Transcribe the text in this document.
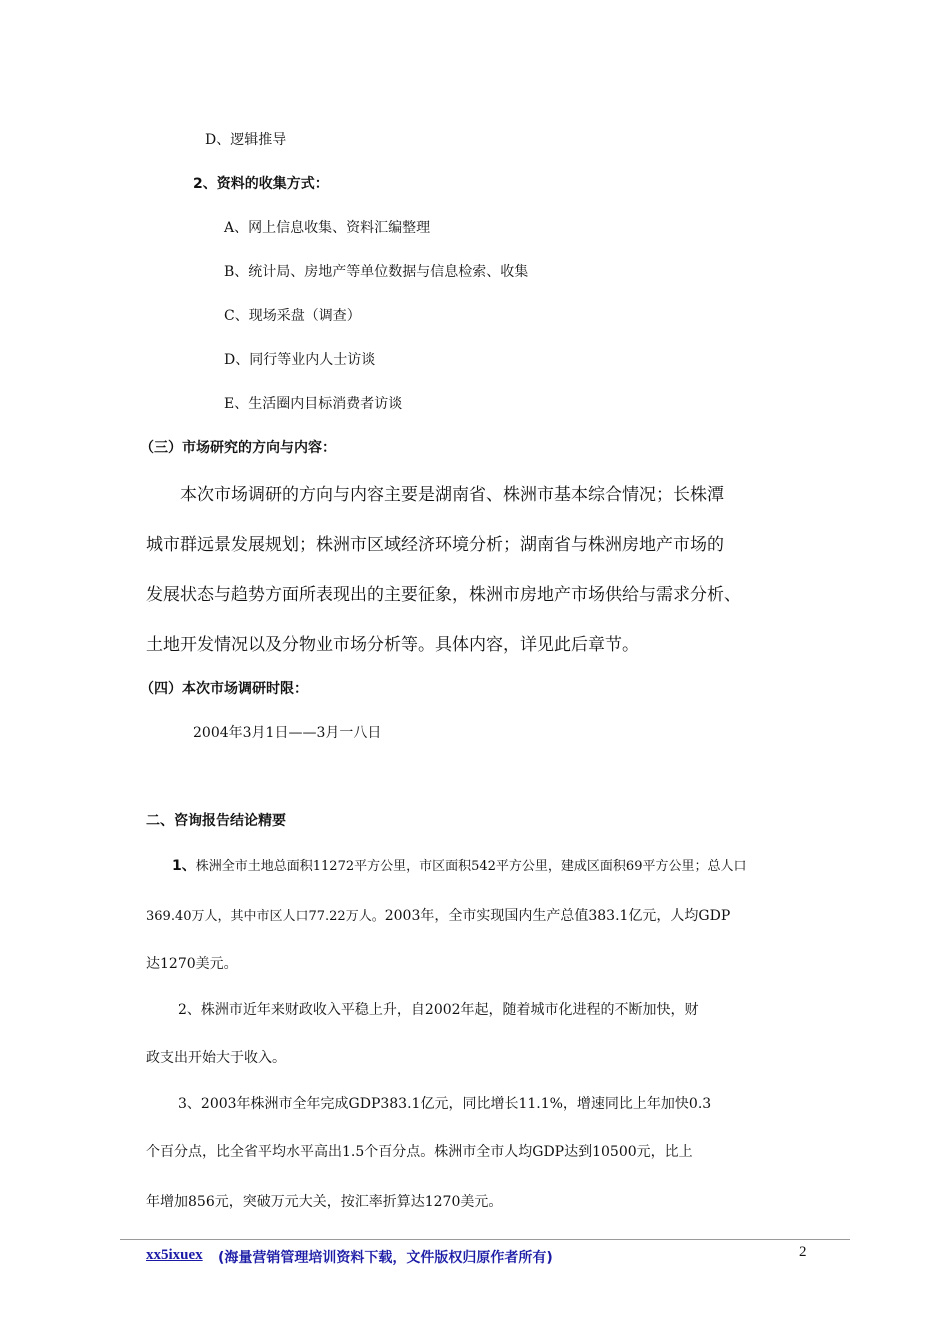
D、逻辑推导
2、资料的收集方式：
A、网上信息收集、资料汇编整理
B、统计局、房地产等单位数据与信息检索、收集
C、现场采盘（调查）
D、同行等业内人士访谈
E、生活圈内目标消费者访谈
（三）市场研究的方向与内容：
本次市场调研的方向与内容主要是湖南省、株洲市基本综合情况；长株潭
城市群远景发展规划；株洲市区域经济环境分析；湖南省与株洲房地产市场的
发展状态与趋势方面所表现出的主要征象，株洲市房地产市场供给与需求分析、
土地开发情况以及分物业市场分析等。具体内容，详见此后章节。
（四）本次市场调研时限：
2004年3月1日——3月一八日
二、咨询报告结论精要
1、株洲全市土地总面积11272平方公里，市区面积542平方公里，建成区面积69平方公里；总人口
369.40万人，其中市区人口77.22万人。2003年，全市实现国内生产总值383.1亿元，人均GDP
达1270美元。
2、株洲市近年来财政收入平稳上升，自2002年起，随着城市化进程的不断加快，财
政支出开始大于收入。
3、2003年株洲市全年完成GDP383.1亿元，同比增长11.1%，增速同比上年加快0.3
个百分点，比全省平均水平高出1.5个百分点。株洲市全市人均GDP达到10500元，比上
年增加856元，突破万元大关，按汇率折算达1270美元。
xx5ixuex (海量营销管理培训资料下载，文件版权归原作者所有)	2
